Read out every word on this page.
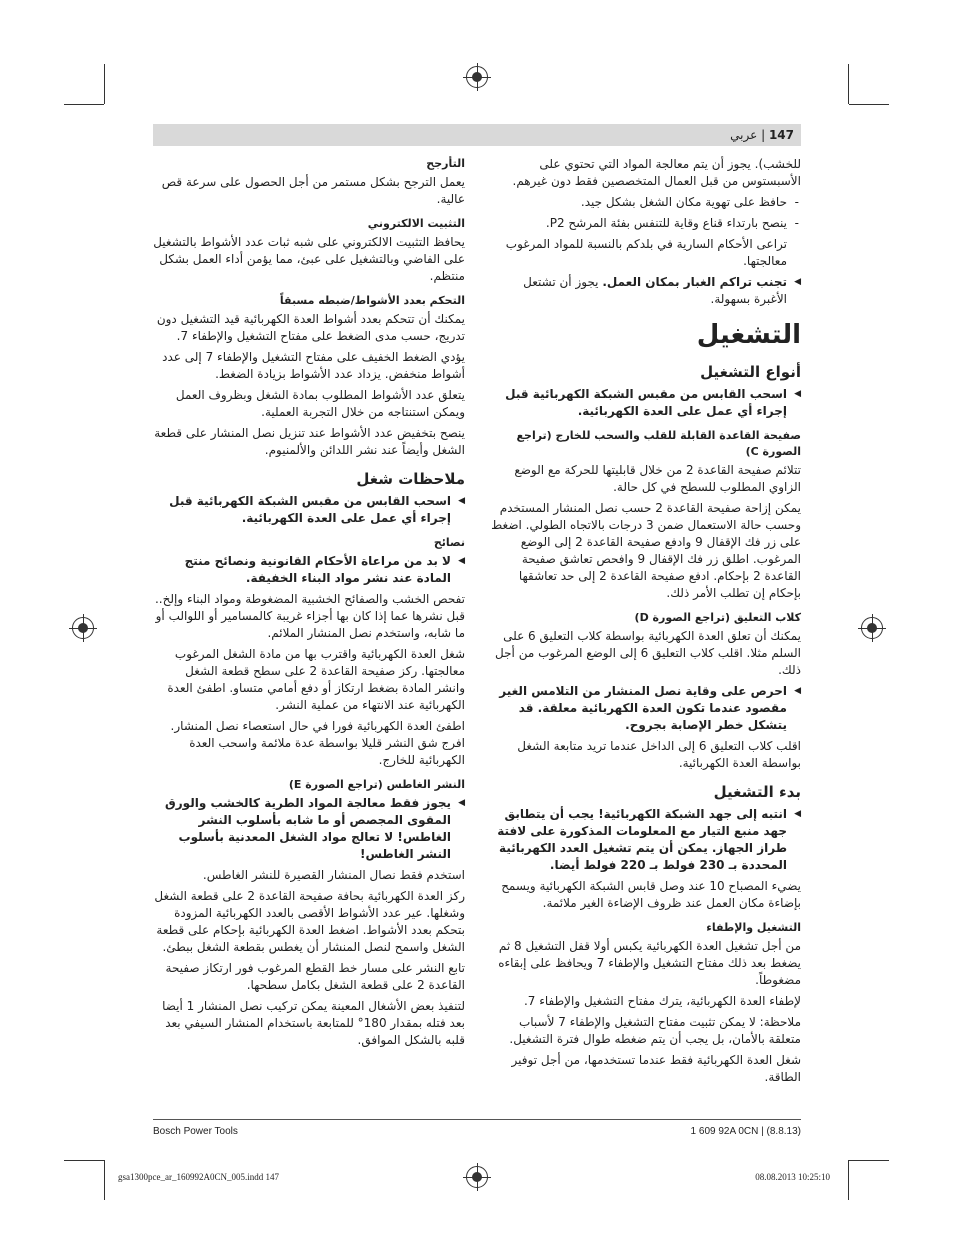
147 | عربي

للخشب). يجوز أن يتم معالجة المواد التي تحتوي على الأسبستوس من قبل العمال المتخصصين فقط دون غيرهم.

- حافظ على تهوية مكان الشغل بشكل جيد.

- ينصح بارتداء قناع وقاية للتنفس بفئة المرشح P2.

تراعى الأحكام السارية في بلدكم بالنسبة للمواد المرغوب معالجتها.

◀ تجنب تراكم الغبار بمكان العمل. يجوز أن تشتعل الأغبرة بسهولة.

التشغيل
أنواع التشغيل

◀ اسحب القابس من مقبس الشبكة الكهربائية قبل إجراء أي عمل على العدة الكهربائية.

صفيحة القاعدة القابلة للقلب والسحب للخارج (تراجع الصورة C)

تتلائم صفيحة القاعدة 2 من خلال قابليتها للحركة مع الوضع الزاوي المطلوب للسطح في كل حالة.

يمكن إزاحة صفيحة القاعدة 2 حسب نصل المنشار المستخدم وحسب حالة الاستعمال ضمن 3 درجات بالاتجاه الطولي. اضغط على زر فك الإقفال 9 وادفع صفيحة القاعدة 2 إلى الوضع المرغوب. اطلق زر فك الإقفال 9 وافحص تعاشق صفيحة القاعدة 2 بإحكام. ادفع صفيحة القاعدة 2 إلى حد تعاشقها بإحكام إن تطلب الأمر ذلك.

كلاب التعليق (تراجع الصورة D)

يمكنك أن تعلق العدة الكهربائية بواسطة كلاب التعليق 6 على السلم مثلا. اقلب كلاب التعليق 6 إلى الوضع المرغوب من أجل ذلك.

◀ احرص على وقاية نصل المنشار من التلامس الغير مقصود عندما تكون العدة الكهربائية معلقة. قد يتشكل خطر الإصابة بجروح.

اقلب كلاب التعليق 6 إلى الداخل عندما تريد متابعة الشغل بواسطة العدة الكهربائية.

بدء التشغيل

◀ انتبه إلى جهد الشبكة الكهربائية! يجب أن يتطابق جهد منبع التيار مع المعلومات المذكورة على لافتة طراز الجهاز. يمكن أن يتم تشغيل العدد الكهربائية المحددة بـ 230 فولط بـ 220 فولط أيضا.

يضيء المصباح 10 عند وصل قابس الشبكة الكهربائية ويسمح بإضاءة مكان العمل عند ظروف الإضاءة الغير ملائمة.

التشغيل والإطفاء

من أجل تشغيل العدة الكهربائية يكبس أولا قفل التشغيل 8 ثم يضغط بعد ذلك مفتاح التشغيل والإطفاء 7 ويحافظ على إبقاءه مضغوطاً.

لإطفاء العدة الكهربائية، يترك مفتاح التشغيل والإطفاء 7.

ملاحظة: لا يمكن تثبيت مفتاح التشغيل والإطفاء 7 لأسباب متعلقة بالأمان، بل يجب أن يتم ضغطه طوال فترة التشغيل.

شغل العدة الكهربائية فقط عندما تستخدمها، من أجل توفير الطاقة.

التأرجح

يعمل الترجح بشكل مستمر من أجل الحصول على سرعة قص عالية.

التثبيت الالكتروني

يحافظ التثبيت الالكتروني على شبه ثبات عدد الأشواط بالتشغيل على الفاضي وبالتشغيل على عبئ، مما يؤمن أداء العمل بشكل منتظم.

التحكم بعدد الأشواط/ضبطه مسبقاً

يمكنك أن تتحكم بعدد أشواط العدة الكهربائية قيد التشغيل دون تدريج، حسب مدى الضغط على مفتاح التشغيل والإطفاء 7.

يؤدي الضغط الخفيف على مفتاح التشغيل والإطفاء 7 إلى عدد أشواط منخفض. يزداد عدد الأشواط بزيادة الضغط.

يتعلق عدد الأشواط المطلوب بمادة الشغل وبظروف العمل ويمكن استنتاجه من خلال التجربة العملية.

ينصح بتخفيض عدد الأشواط عند تنزيل نصل المنشار على قطعة الشغل وأيضاً عند نشر اللدائن والألمنيوم.

ملاحظات شغل

◀ اسحب القابس من مقبس الشبكة الكهربائية قبل إجراء أي عمل على العدة الكهربائية.

نصائح

◀ لا بد من مراعاة الأحكام القانونية ونصائح منتج المادة عند نشر مواد البناء الخفيفة.

تفحص الخشب والصفائح الخشبية المضغوطة ومواد البناء وإلخ.. قبل نشرها عما إذا كان بها أجزاء غريبة كالمسامير أو اللوالب أو ما شابه، واستخدم نصل المنشار الملائم.

شغل العدة الكهربائية واقترب بها من مادة الشغل المرغوب معالجتها. ركز صفيحة القاعدة 2 على سطح قطعة الشغل وانشر المادة بضغط ارتكاز أو دفع أمامي متساو. اطفئ العدة الكهربائية عند الانتهاء من عملية النشر.

اطفئ العدة الكهربائية فورا في حال استعصاء نصل المنشار. افرج شق النشر قليلا بواسطة عدة ملائمة واسحب العدة الكهربائية للخارج.

النشر الغاطس (تراجع الصورة E)

◀ يجوز فقط معالجة المواد الطرية كالخشب والورق المقوى المجصص أو ما شابه بأسلوب النشر الغاطس! لا تعالج مواد الشغل المعدنية بأسلوب النشر الغاطس!

استخدم فقط نصال المنشار القصيرة للنشر الغاطس.

ركز العدة الكهربائية بحافة صفيحة القاعدة 2 على قطعة الشغل وشغلها. عير عدد الأشواط الأقصى بالعدد الكهربائية المزودة بتحكم بعدد الأشواط. اضغط العدة الكهربائية بإحكام على قطعة الشغل واسمح لنصل المنشار أن يغطس بقطعة الشغل ببطئ.

تابع النشر على مسار خط القطع المرغوب فور ارتكاز صفيحة القاعدة 2 على قطعة الشغل بكامل سطحها.

لتنفيذ بعض الأشغال المعينة يمكن تركيب نصل المنشار 1 أيضا بعد فتله بمقدار 180° للمتابعة باستخدام المنشار السيفي بعد قلبه بالشكل الموافق.

Bosch Power Tools	1 609 92A 0CN | (8.8.13)
gsa1300pce_ar_160992A0CN_005.indd 147	08.08.2013 10:25:10
